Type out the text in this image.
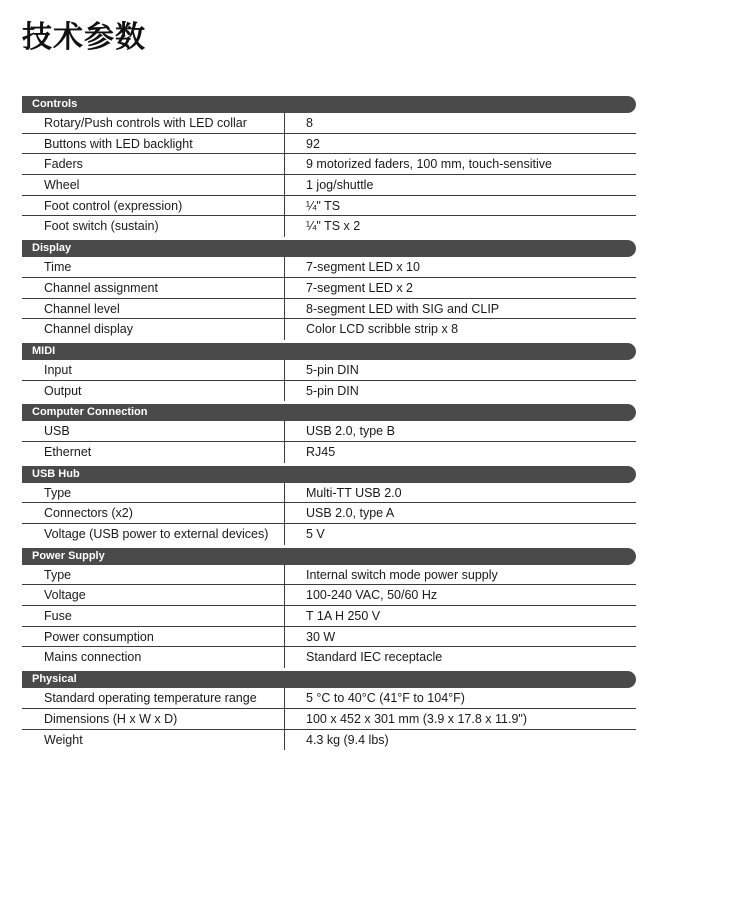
技术参数
Controls
Rotary/Push controls with LED collar	8
Buttons with LED backlight	92
Faders	9 motorized faders, 100 mm, touch-sensitive
Wheel	1 jog/shuttle
Foot control (expression)	¼" TS
Foot switch (sustain)	¼" TS x 2
Display
Time	7-segment LED x 10
Channel assignment	7-segment LED x 2
Channel level	8-segment LED with SIG and CLIP
Channel display	Color LCD scribble strip x 8
MIDI
Input	5-pin DIN
Output	5-pin DIN
Computer Connection
USB	USB 2.0, type B
Ethernet	RJ45
USB Hub
Type	Multi-TT USB 2.0
Connectors (x2)	USB 2.0, type A
Voltage (USB power to external devices)	5 V
Power Supply
Type	Internal switch mode power supply
Voltage	100-240 VAC, 50/60 Hz
Fuse	T 1A H 250 V
Power consumption	30 W
Mains connection	Standard IEC receptacle
Physical
Standard operating temperature range	5 °C to 40°C (41°F to 104°F)
Dimensions (H x W x D)	100 x 452 x 301 mm (3.9 x 17.8 x 11.9")
Weight	4.3 kg (9.4 lbs)
